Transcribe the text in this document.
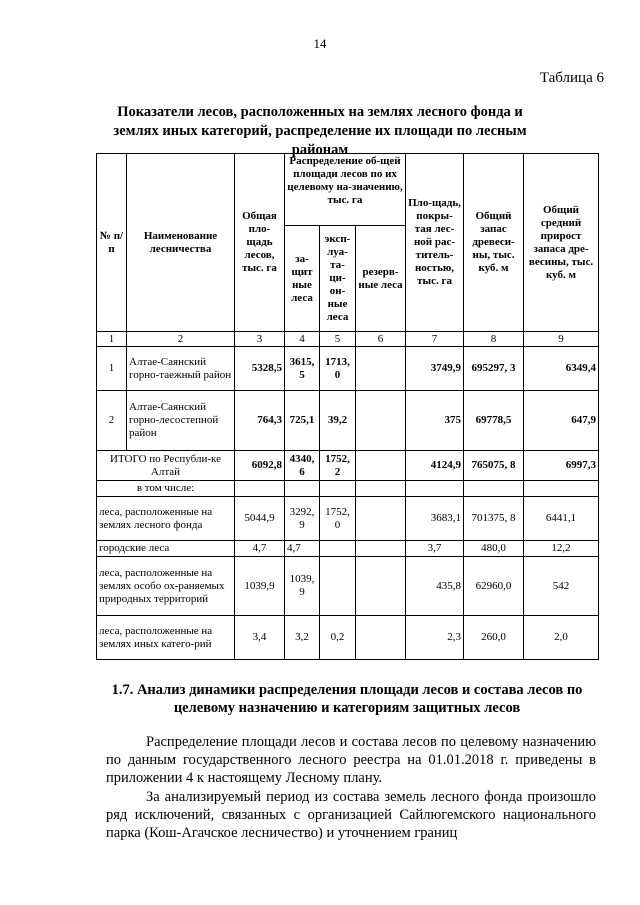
14
Таблица 6
Показатели лесов, расположенных на землях лесного фонда и землях иных категорий, распределение их площади по лесным районам
№ п/п	Наименование лесничества	Общая пло-щадь лесов, тыс. га	Распределение об-щей площади лесов по их целевому на-значению, тыс. га			Пло-щадь, покры-тая лес-ной рас-титель-ностью, тыс. га	Общий запас древеси-ны, тыс. куб. м	Общий средний прирост запаса дре-весины, тыс. куб. м
			за-щит ные леса	эксп-луа-та-ци-он-ные леса	резерв-ные леса			
1	2	3	4	5	6	7	8	9
1	Алтае-Саянский горно-таежный район	5328,5	3615, 5	1713, 0		3749,9	695297, 3	6349,4
2	Алтае-Саянский горно-лесостепной район	764,3	725,1	39,2		375	69778,5	647,9
ИТОГО по Республи-ке Алтай		6092,8	4340, 6	1752, 2		4124,9	765075, 8	6997,3
в том числе:								
леса, расположенные на землях лесного фонда		5044,9	3292, 9	1752, 0		3683,1	701375, 8	6441,1
городские леса		4,7	4,7			3,7	480,0	12,2
леса, расположенные на землях особо ох-раняемых природных территорий		1039,9	1039, 9			435,8	62960,0	542
леса, расположенные на землях иных катего-рий		3,4	3,2	0,2		2,3	260,0	2,0
1.7. Анализ динамики распределения площади лесов и состава лесов по целевому назначению и категориям защитных лесов
Распределение площади лесов и состава лесов по целевому назначению по данным государственного лесного реестра на 01.01.2018 г. приведены в приложении 4 к настоящему Лесному плану.
За анализируемый период из состава земель лесного фонда произошло ряд исключений, связанных с организацией Сайлюгемского национального парка (Кош-Агачское лесничество) и уточнением границ
